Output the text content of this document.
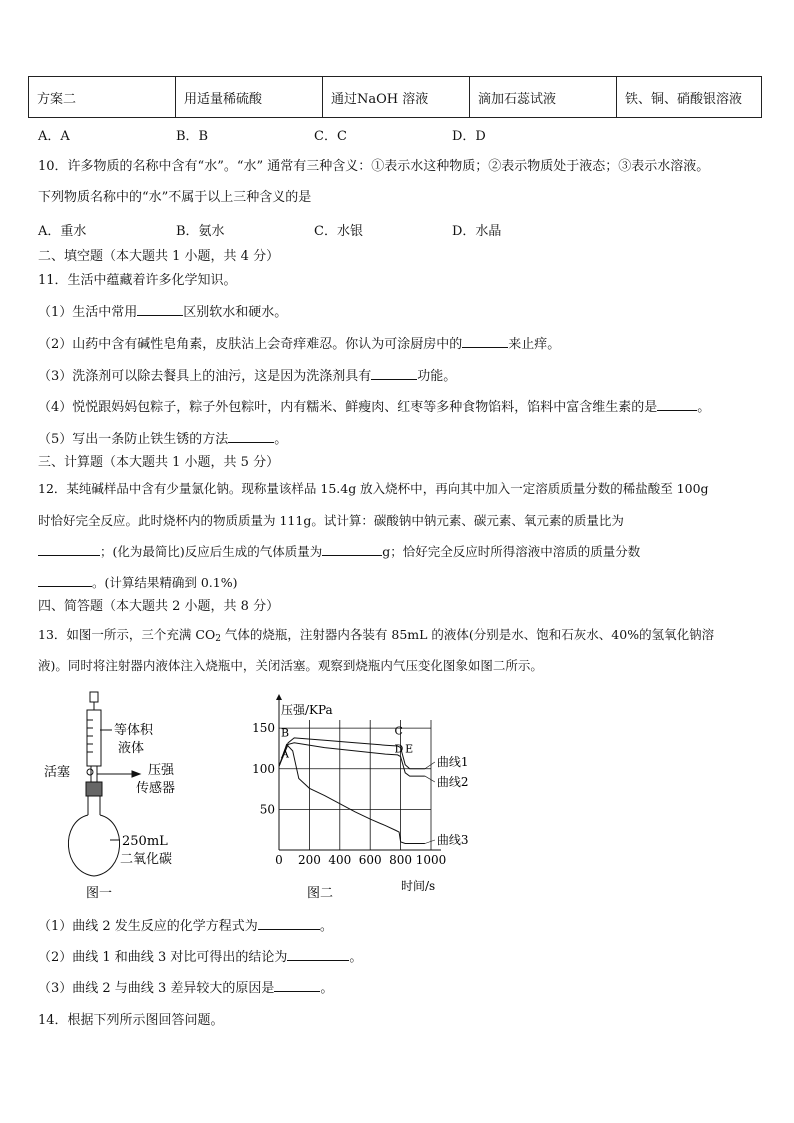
方案二	用适量稀硫酸	通过NaOH 溶液	滴加石蕊试液	铁、铜、硝酸银溶液
A．A	B．B	C．C	D．D
10．许多物质的名称中含有“水”。“水” 通常有三种含义：①表示水这种物质；②表示物质处于液态；③表示水溶液。
下列物质名称中的“水”不属于以上三种含义的是
A．重水	B．氨水	C．水银	D．水晶
二、填空题（本大题共 1 小题，共 4 分）
11．生活中蕴藏着许多化学知识。
（1）生活中常用	区别软水和硬水。
（2）山药中含有碱性皂角素，皮肤沾上会奇痒难忍。你认为可涂厨房中的	来止痒。
（3）洗涤剂可以除去餐具上的油污，这是因为洗涤剂具有	功能。
（4）悦悦跟妈妈包粽子，粽子外包粽叶，内有糯米、鲜瘦肉、红枣等多种食物馅料，馅料中富含维生素的是	。
（5）写出一条防止铁生锈的方法	。
三、计算题（本大题共 1 小题，共 5 分）
12．某纯碱样品中含有少量氯化钠。现称量该样品 15.4g 放入烧杯中，再向其中加入一定溶质质量分数的稀盐酸至 100g
时恰好完全反应。此时烧杯内的物质质量为 111g。试计算：碳酸钠中钠元素、碳元素、氧元素的质量比为
；(化为最简比)反应后生成的气体质量为	g；恰好完全反应时所得溶液中溶质的质量分数
。(计算结果精确到 0.1%)
四、简答题（本大题共 2 小题，共 8 分）
13．如图一所示，三个充满 $CO_2$ 气体的烧瓶，注射器内各装有 85mL 的液体(分别是水、饱和石灰水、40%的氢氧化钠溶
液)。同时将注射器内液体注入烧瓶中，关闭活塞。观察到烧瓶内气压变化图象如图二所示。
等体积
液体
活塞	压强
传感器
250mL
二氧化碳
图一
0 200 400 600 800 1000
50
100
150
曲线1
曲线2
曲线3
B
A
C
D E
压强/KPa
时间/s
图二
（1）曲线 2 发生反应的化学方程式为	。
（2）曲线 1 和曲线 3 对比可得出的结论为	。
（3）曲线 2 与曲线 3 差异较大的原因是	。
14．根据下列所示图回答问题。
